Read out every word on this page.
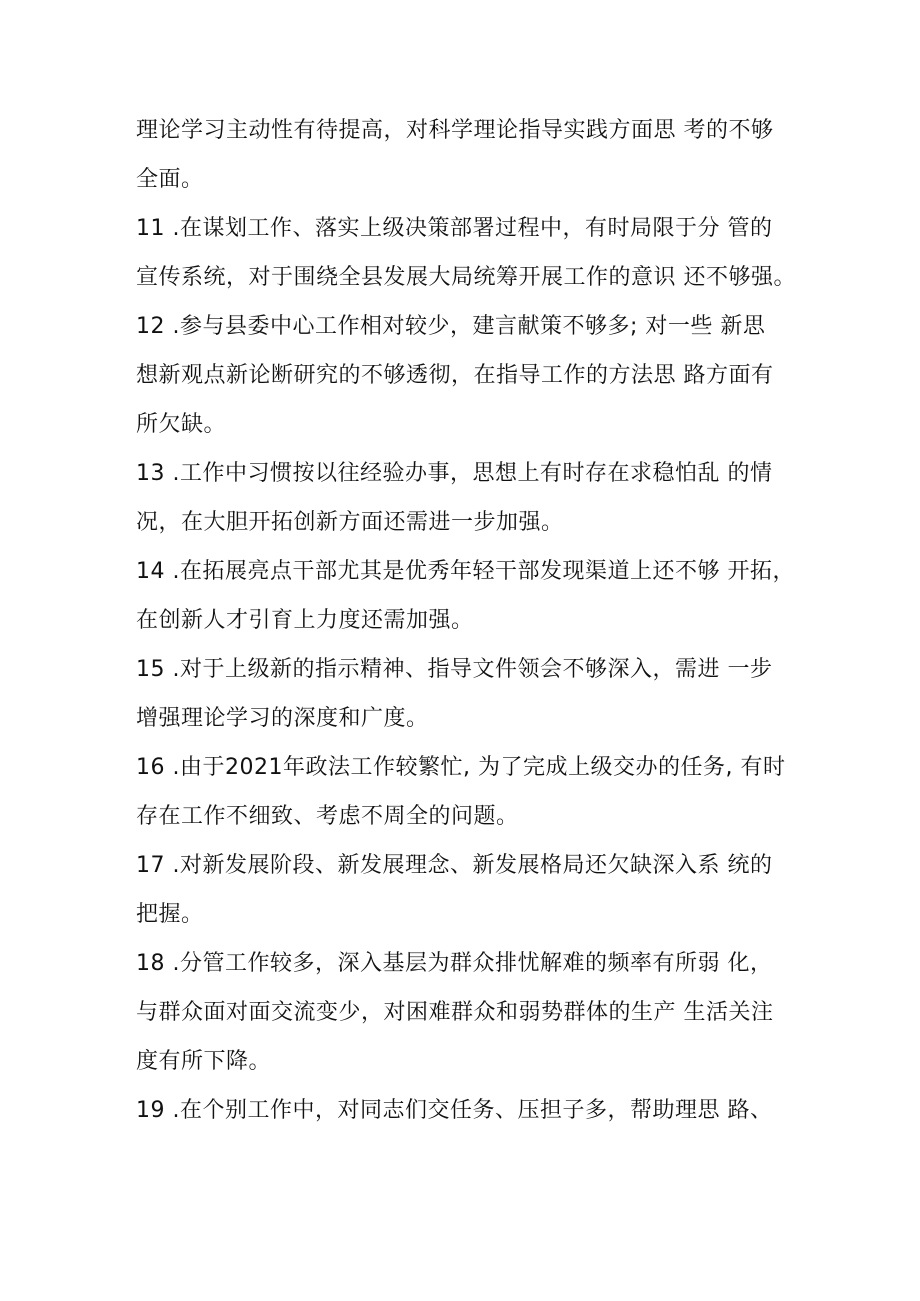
理论学习主动性有待提高，对科学理论指导实践方面思 考的不够
全面。
11 .在谋划工作、落实上级决策部署过程中，有时局限于分 管的
宣传系统，对于围绕全县发展大局统筹开展工作的意识 还不够强。
12 .参与县委中心工作相对较少，建言献策不够多; 对一些 新思
想新观点新论断研究的不够透彻，在指导工作的方法思 路方面有
所欠缺。
13 .工作中习惯按以往经验办事，思想上有时存在求稳怕乱 的情
况，在大胆开拓创新方面还需进一步加强。
14 .在拓展亮点干部尤其是优秀年轻干部发现渠道上还不够 开拓，
在创新人才引育上力度还需加强。
15 .对于上级新的指示精神、指导文件领会不够深入，需进 一步
增强理论学习的深度和广度。
16 .由于2021年政法工作较繁忙, 为了完成上级交办的任务, 有时
存在工作不细致、考虑不周全的问题。
17 .对新发展阶段、新发展理念、新发展格局还欠缺深入系 统的
把握。
18 .分管工作较多，深入基层为群众排忧解难的频率有所弱 化，
与群众面对面交流变少，对困难群众和弱势群体的生产 生活关注
度有所下降。
19 .在个别工作中，对同志们交任务、压担子多，帮助理思 路、
